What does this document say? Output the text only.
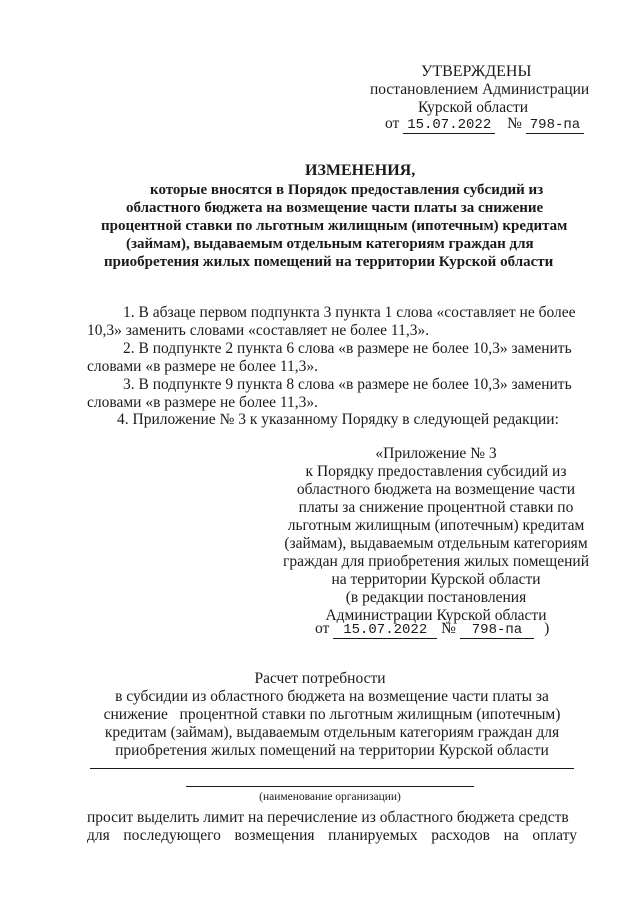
УТВЕРЖДЕНЫ
постановлением Администрации
Курской области
от 15.07.2022 № 798-па
ИЗМЕНЕНИЯ,
которые вносятся в Порядок предоставления субсидий из
областного бюджета на возмещение части платы за снижение
процентной ставки по льготным жилищным (ипотечным) кредитам
(займам), выдаваемым отдельным категориям граждан для
приобретения жилых помещений на территории Курской области
1. В абзаце первом подпункта 3 пункта 1 слова «составляет не более
10,3» заменить словами «составляет не более 11,3».
2. В подпункте 2 пункта 6 слова «в размере не более 10,3» заменить
словами «в размере не более 11,3».
3. В подпункте 9 пункта 8 слова «в размере не более 10,3» заменить
словами «в размере не более 11,3».
4. Приложение № 3 к указанному Порядку в следующей редакции:
«Приложение № 3
к Порядку предоставления субсидий из
областного бюджета на возмещение части
платы за снижение процентной ставки по
льготным жилищным (ипотечным) кредитам
(займам), выдаваемым отдельным категориям
граждан для приобретения жилых помещений
на территории Курской области
(в редакции постановления
Администрации Курской области
от 15.07.2022 № 798-па )
Расчет потребности
в субсидии из областного бюджета на возмещение части платы за
снижение   процентной ставки по льготным жилищным (ипотечным)
кредитам (займам), выдаваемым отдельным категориям граждан для
приобретения жилых помещений на территории Курской области
(наименование организации)
просит выделить лимит на перечисление из областного бюджета средств
для последующего возмещения планируемых расходов на оплату
